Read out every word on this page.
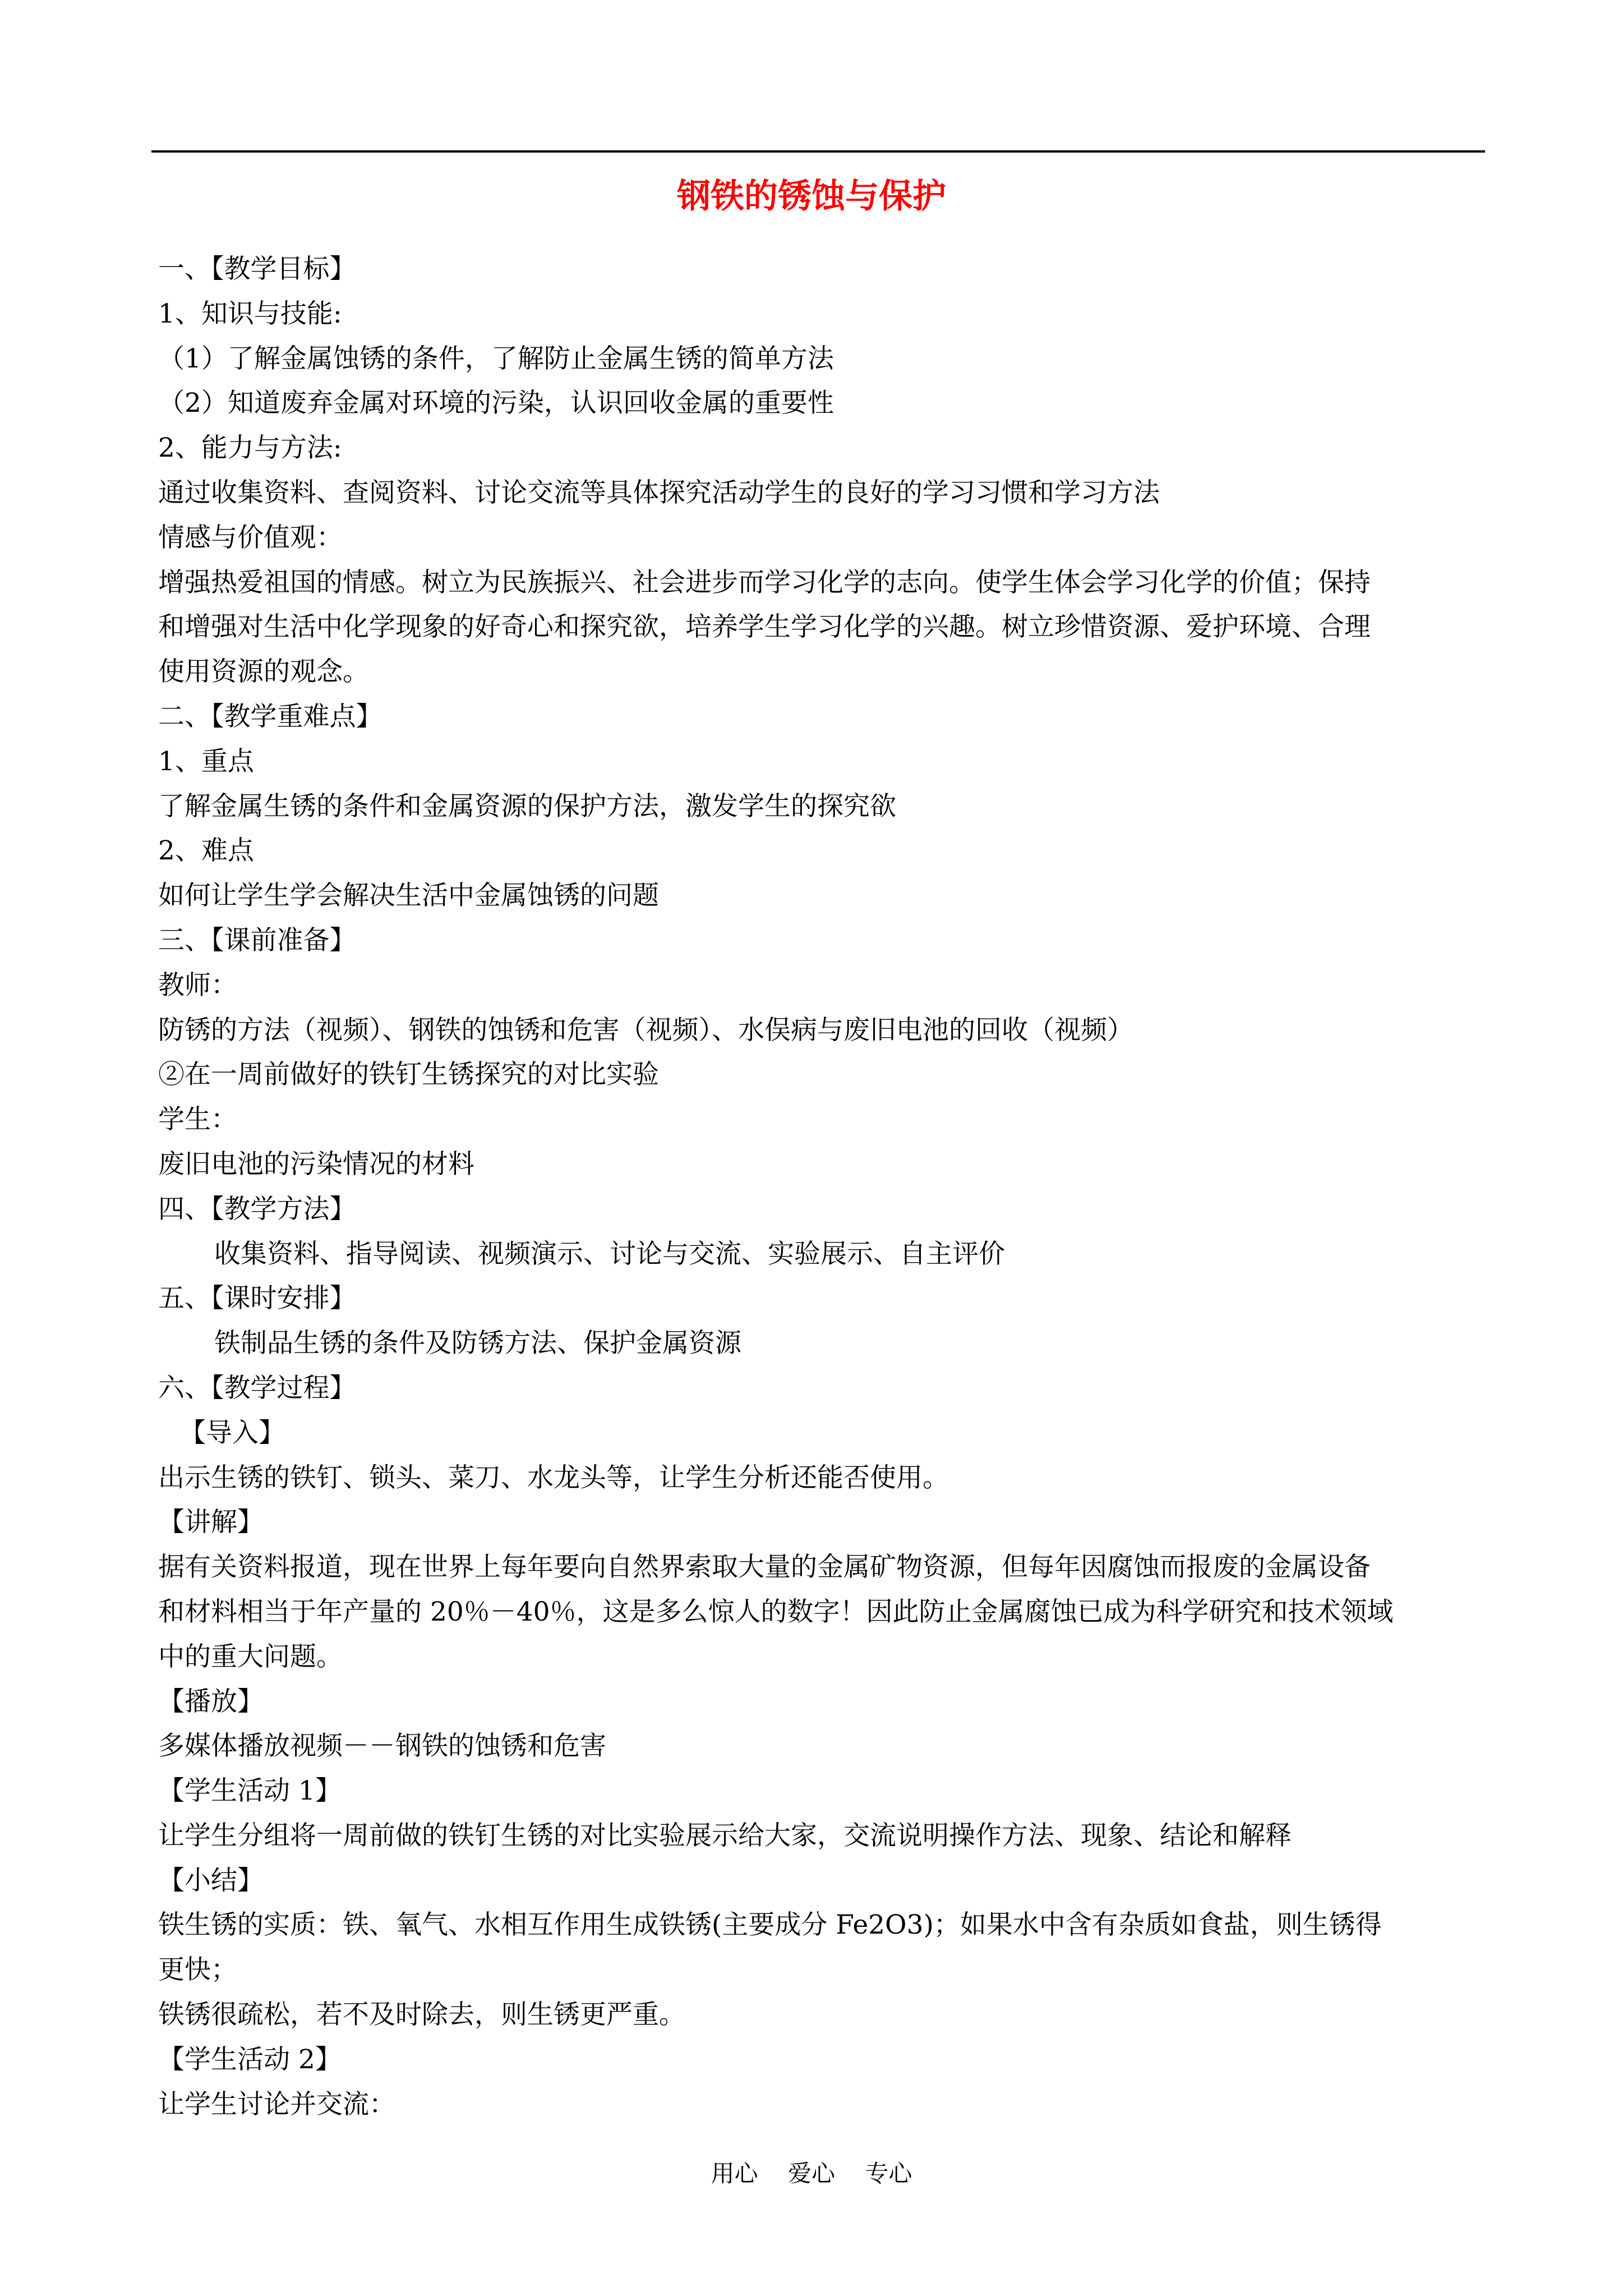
钢铁的锈蚀与保护

一、【教学目标】

1、知识与技能:

（1）了解金属蚀锈的条件，了解防止金属生锈的简单方法

（2）知道废弃金属对环境的污染，认识回收金属的重要性

2、能力与方法:

通过收集资料、查阅资料、讨论交流等具体探究活动学生的良好的学习习惯和学习方法

情感与价值观：

增强热爱祖国的情感。树立为民族振兴、社会进步而学习化学的志向。使学生体会学习化学的价值；保持

和增强对生活中化学现象的好奇心和探究欲，培养学生学习化学的兴趣。树立珍惜资源、爱护环境、合理

使用资源的观念。

二、【教学重难点】

1、重点

了解金属生锈的条件和金属资源的保护方法，激发学生的探究欲

2、难点

如何让学生学会解决生活中金属蚀锈的问题

三、【课前准备】

教师：

防锈的方法（视频）、钢铁的蚀锈和危害（视频）、水俣病与废旧电池的回收（视频）

②在一周前做好的铁钉生锈探究的对比实验

学生：

废旧电池的污染情况的材料

四、【教学方法】

收集资料、指导阅读、视频演示、讨论与交流、实验展示、自主评价

五、【课时安排】

铁制品生锈的条件及防锈方法、保护金属资源

六、【教学过程】

【导入】

出示生锈的铁钉、锁头、菜刀、水龙头等，让学生分析还能否使用。

【讲解】

据有关资料报道，现在世界上每年要向自然界索取大量的金属矿物资源，但每年因腐蚀而报废的金属设备

和材料相当于年产量的 20％－40％，这是多么惊人的数字！因此防止金属腐蚀已成为科学研究和技术领域

中的重大问题。

【播放】

多媒体播放视频－－钢铁的蚀锈和危害

【学生活动 1】

让学生分组将一周前做的铁钉生锈的对比实验展示给大家，交流说明操作方法、现象、结论和解释

【小结】

铁生锈的实质：铁、氧气、水相互作用生成铁锈(主要成分 Fe2O3)；如果水中含有杂质如食盐，则生锈得

更快；

铁锈很疏松，若不及时除去，则生锈更严重。

【学生活动 2】

让学生讨论并交流：

用心    爱心    专心
